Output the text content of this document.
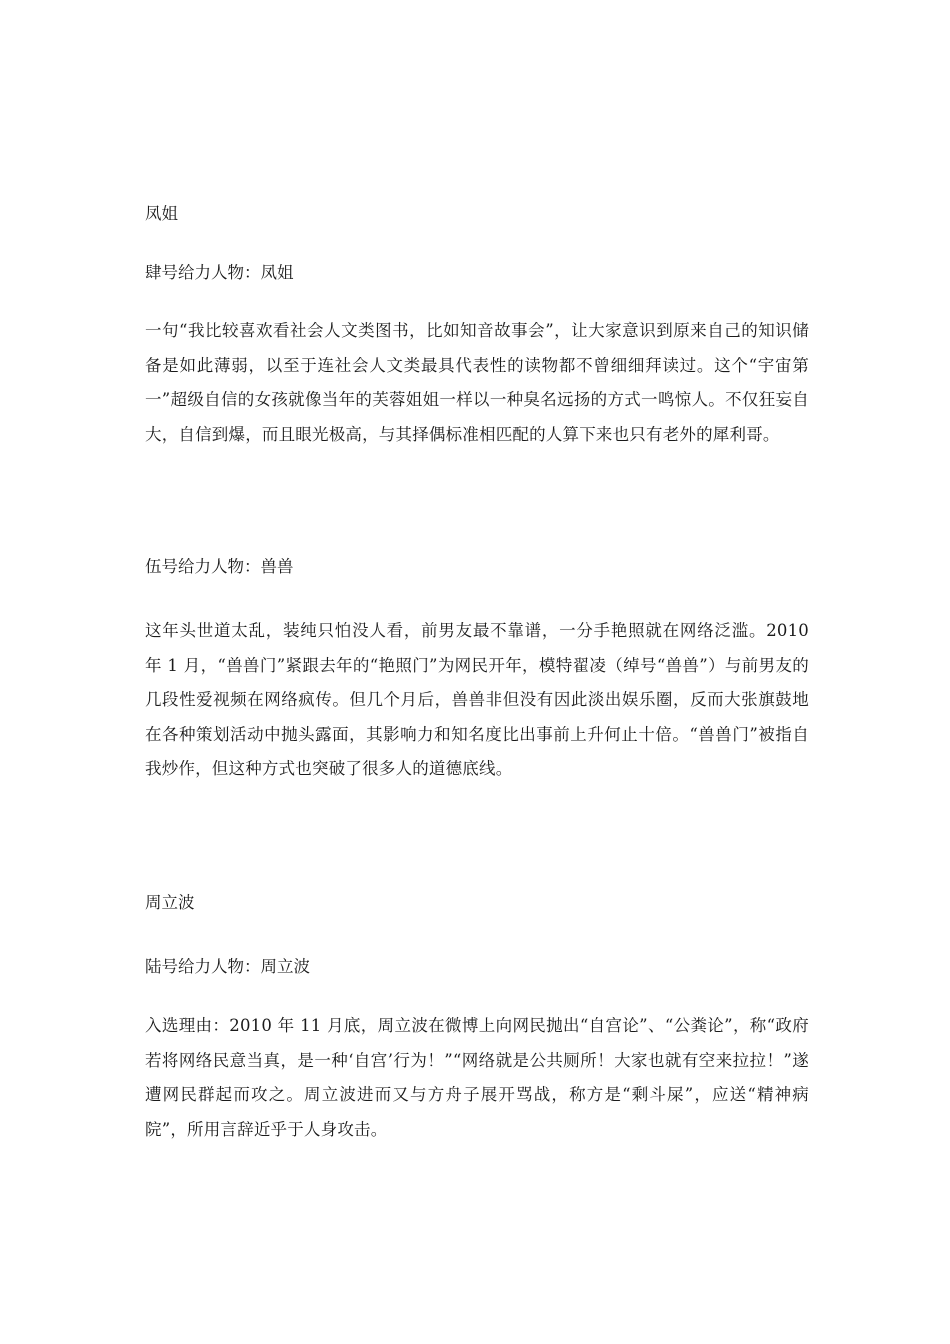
凤姐
肆号给力人物：凤姐
一句“我比较喜欢看社会人文类图书，比如知音故事会”，让大家意识到原来自己的知识储备是如此薄弱，以至于连社会人文类最具代表性的读物都不曾细细拜读过。这个“宇宙第一”超级自信的女孩就像当年的芙蓉姐姐一样以一种臭名远扬的方式一鸣惊人。不仅狂妄自大，自信到爆，而且眼光极高，与其择偶标准相匹配的人算下来也只有老外的犀利哥。
伍号给力人物：兽兽
这年头世道太乱，装纯只怕没人看，前男友最不靠谱，一分手艳照就在网络泛滥。2010 年 1 月，“兽兽门”紧跟去年的“艳照门”为网民开年，模特翟凌（绰号“兽兽”）与前男友的几段性爱视频在网络疯传。但几个月后，兽兽非但没有因此淡出娱乐圈，反而大张旗鼓地在各种策划活动中抛头露面，其影响力和知名度比出事前上升何止十倍。“兽兽门”被指自我炒作，但这种方式也突破了很多人的道德底线。
周立波
陆号给力人物：周立波
入选理由：2010 年 11 月底，周立波在微博上向网民抛出“自宫论”、“公粪论”，称“政府若将网络民意当真，是一种‘自宫’行为！”“网络就是公共厕所！大家也就有空来拉拉！”遂遭网民群起而攻之。周立波进而又与方舟子展开骂战，称方是“剩斗屎”，应送“精神病院”，所用言辞近乎于人身攻击。
